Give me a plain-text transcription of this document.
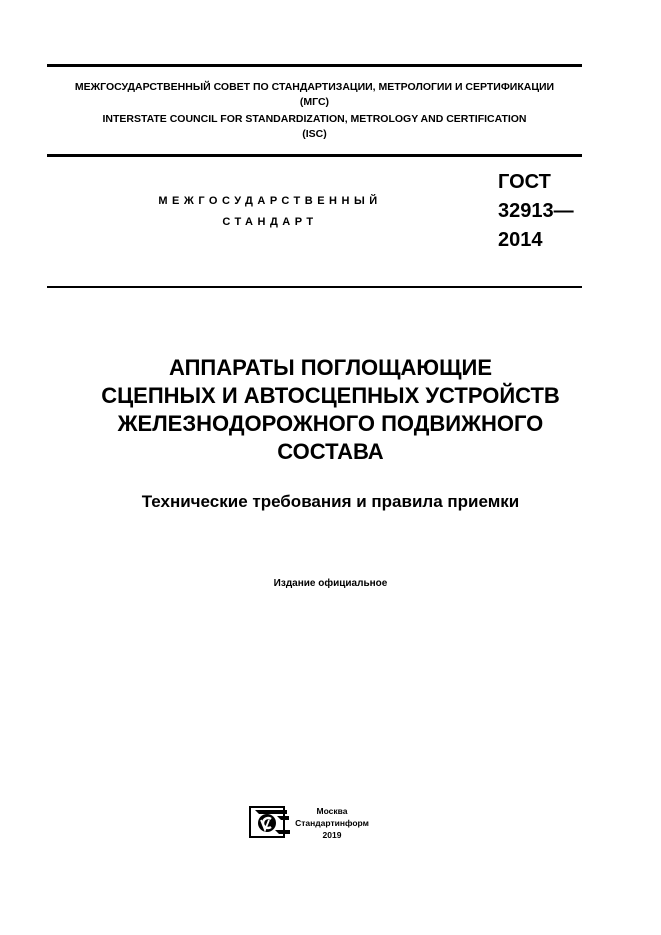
МЕЖГОСУДАРСТВЕННЫЙ СОВЕТ ПО СТАНДАРТИЗАЦИИ, МЕТРОЛОГИИ И СЕРТИФИКАЦИИ
(МГС)
INTERSTATE COUNCIL FOR STANDARDIZATION, METROLOGY AND CERTIFICATION
(ISC)
МЕЖГОСУДАРСТВЕННЫЙ
СТАНДАРТ
ГОСТ
32913—
2014
АППАРАТЫ ПОГЛОЩАЮЩИЕ
СЦЕПНЫХ И АВТОСЦЕПНЫХ УСТРОЙСТВ
ЖЕЛЕЗНОДОРОЖНОГО ПОДВИЖНОГО
СОСТАВА
Технические требования и правила приемки
Издание официальное
Москва
Стандартинформ
2019
